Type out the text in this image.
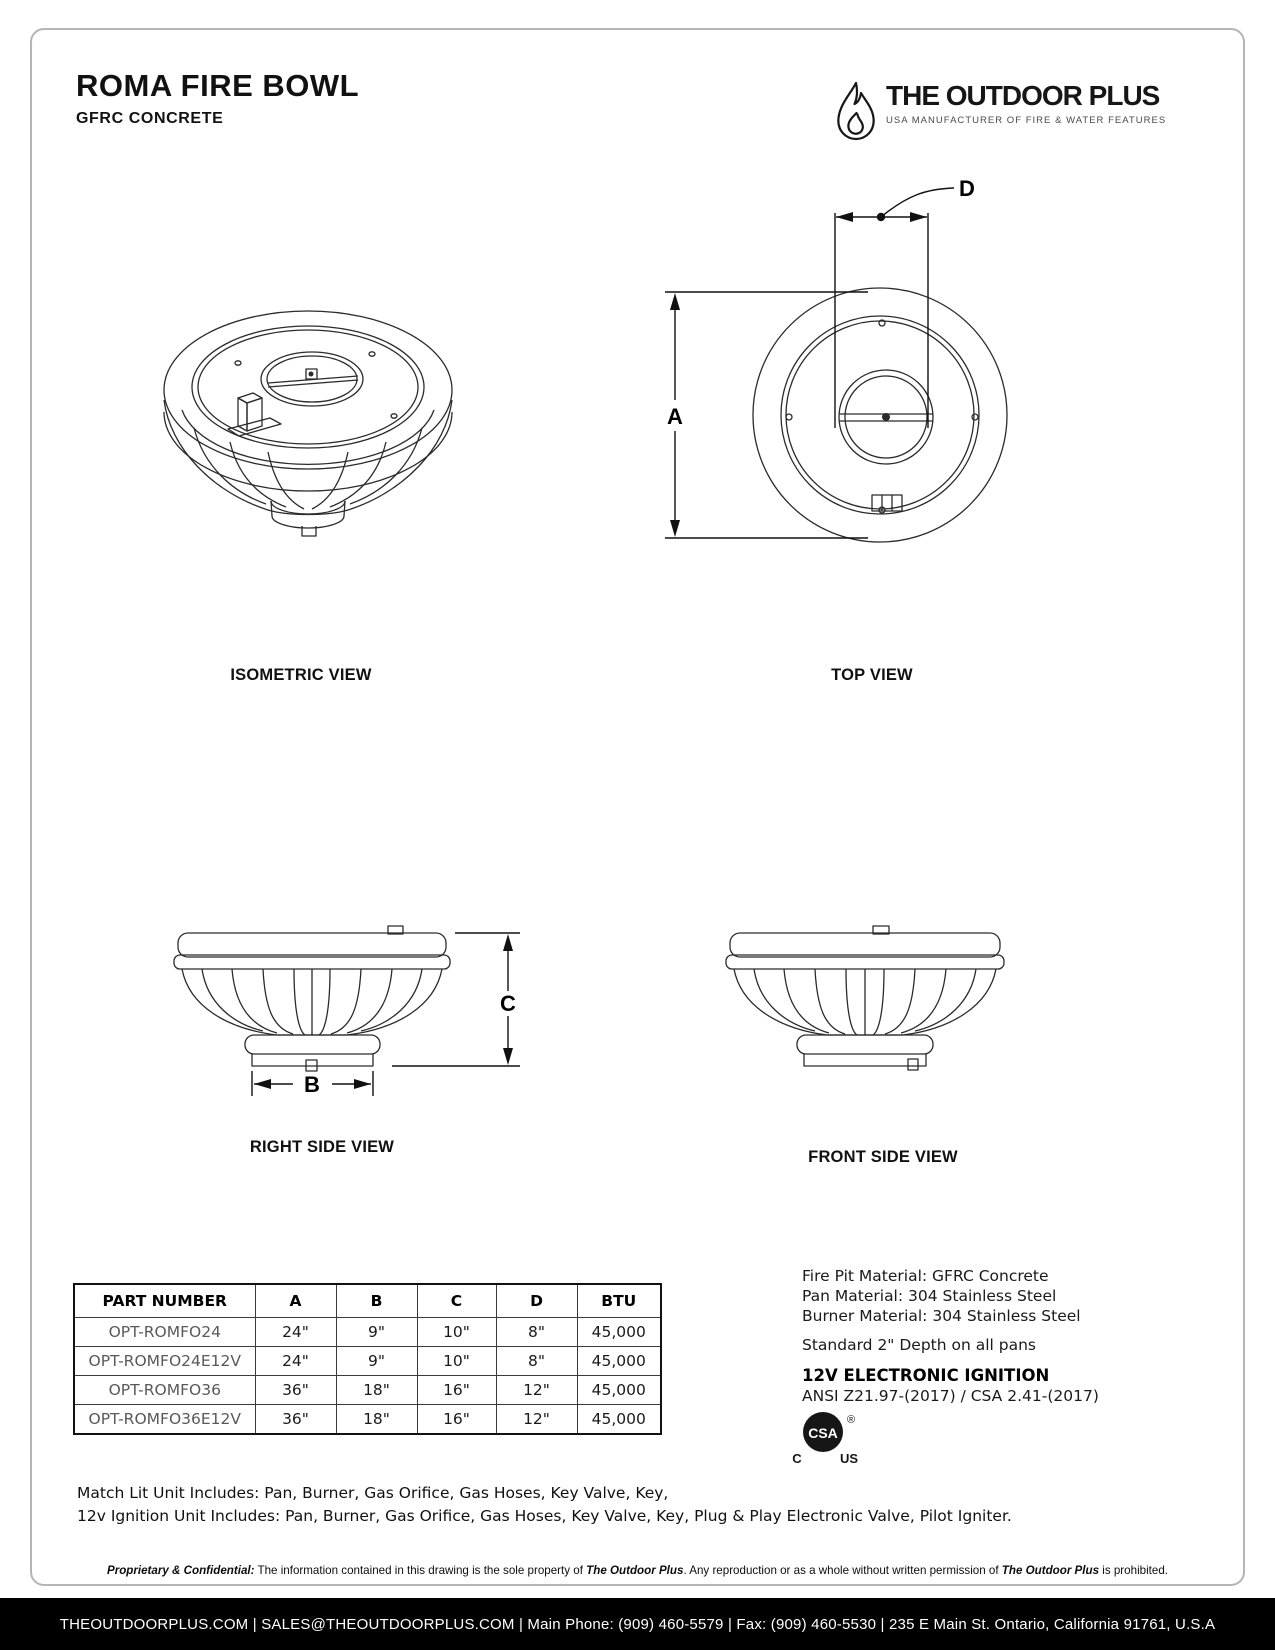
ROMA FIRE BOWL
GFRC CONCRETE
THE OUTDOOR PLUS
USA MANUFACTURER OF FIRE & WATER FEATURES
A
D
ISOMETRIC VIEW	TOP VIEW
C
B
RIGHT SIDE VIEW
FRONT SIDE VIEW
PART NUMBER	A	B	C	D	BTU
OPT-ROMFO24	24"	9"	10"	8"	45,000
OPT-ROMFO24E12V	24"	9"	10"	8"	45,000
OPT-ROMFO36	36"	18"	16"	12"	45,000
OPT-ROMFO36E12V	36"	18"	16"	12"	45,000
Fire Pit Material: GFRC Concrete
Pan Material: 304 Stainless Steel
Burner Material: 304 Stainless Steel
Standard 2" Depth on all pans
12V ELECTRONIC IGNITION
ANSI Z21.97-(2017) / CSA 2.41-(2017)
CSA
®
C	US
Match Lit Unit Includes: Pan, Burner, Gas Orifice, Gas Hoses, Key Valve, Key,
12v Ignition Unit Includes: Pan, Burner, Gas Orifice, Gas Hoses, Key Valve, Key, Plug & Play Electronic Valve, Pilot Igniter.
Proprietary & Confidential: The information contained in this drawing is the sole property of The Outdoor Plus. Any reproduction or as a whole without written permission of The Outdoor Plus is prohibited.
THEOUTDOORPLUS.COM | SALES@THEOUTDOORPLUS.COM | Main Phone: (909) 460-5579 | Fax: (909) 460-5530 | 235 E Main St. Ontario, California 91761, U.S.A
